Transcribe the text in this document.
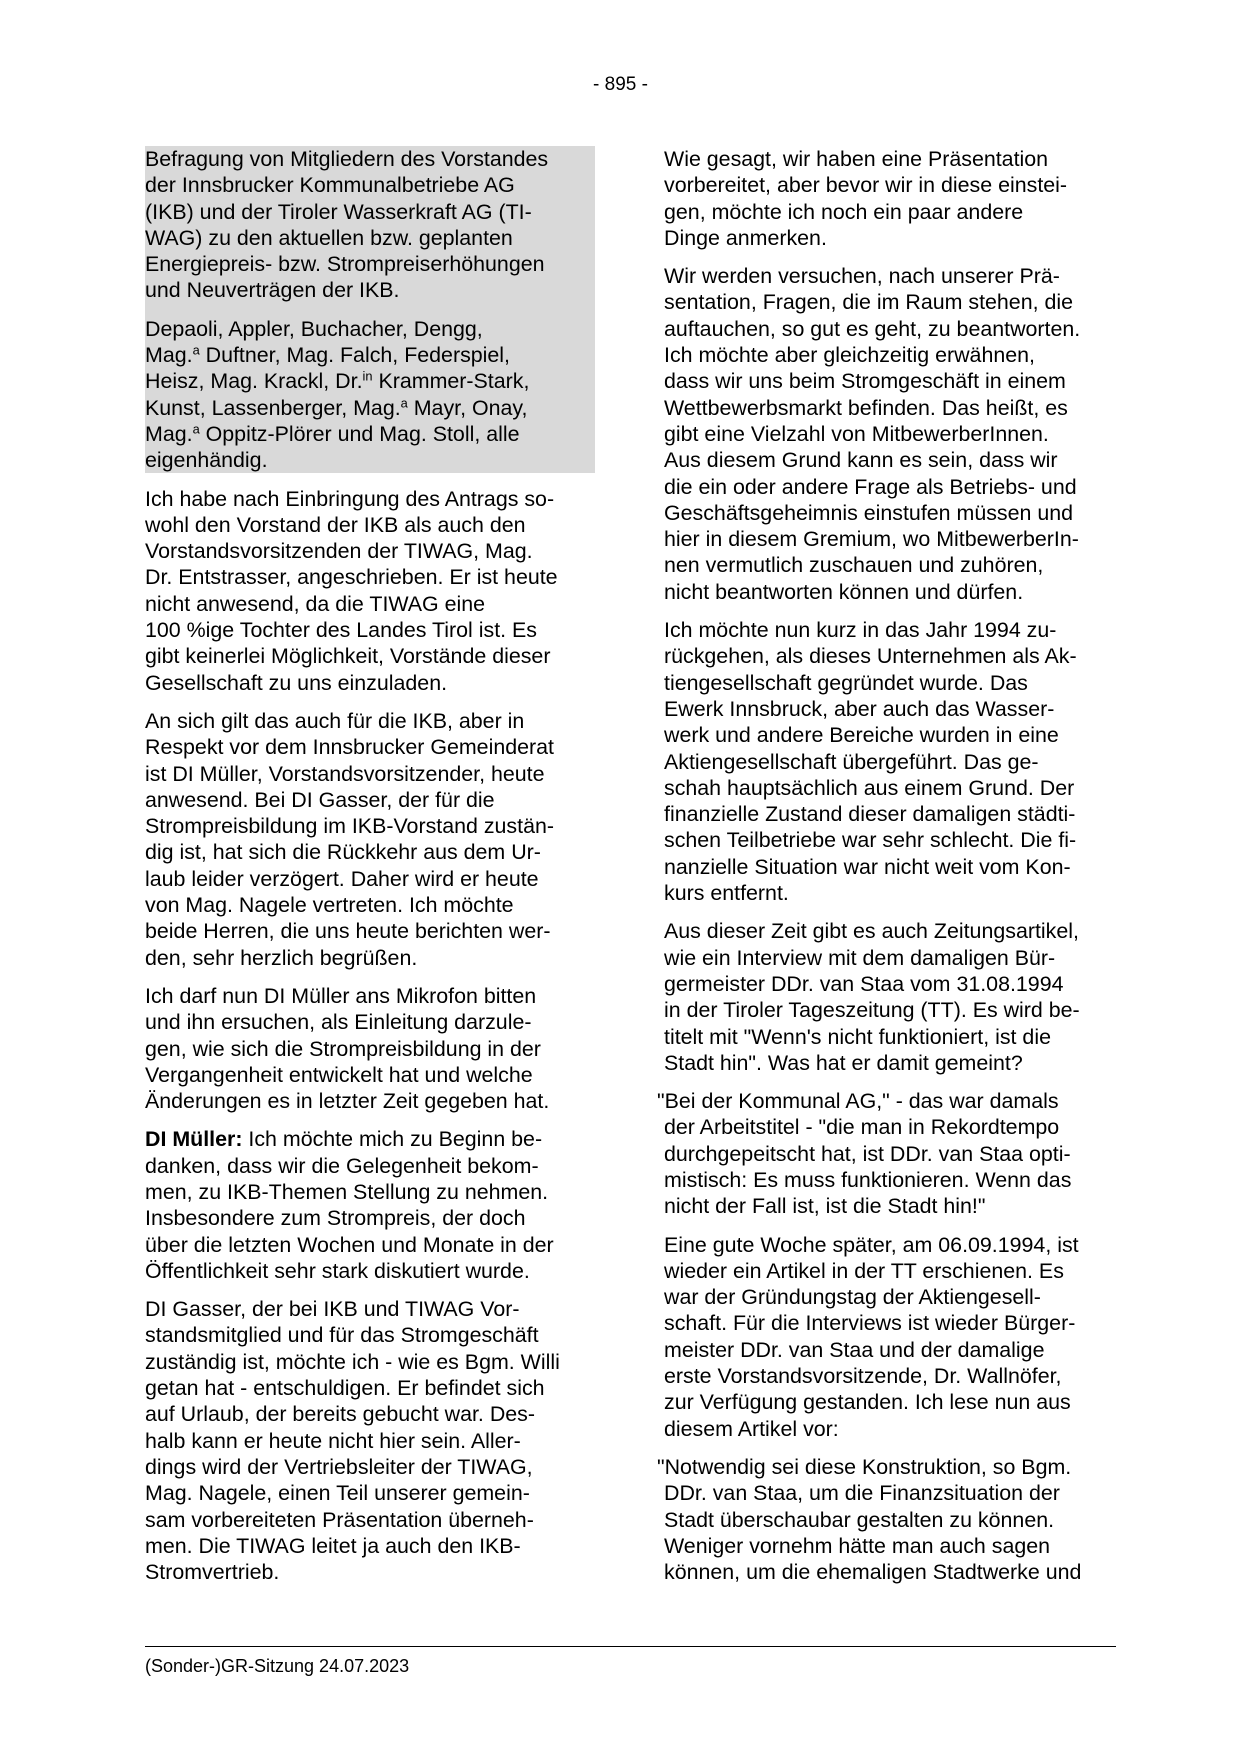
- 895 -

Befragung von Mitgliedern des Vorstandes
der Innsbrucker Kommunalbetriebe AG
(IKB) und der Tiroler Wasserkraft AG (TI-
WAG) zu den aktuellen bzw. geplanten
Energiepreis- bzw. Strompreiserhöhungen
und Neuverträgen der IKB.

Depaoli, Appler, Buchacher, Dengg,
Mag.$^a$ Duftner, Mag. Falch, Federspiel,
Heisz, Mag. Krackl, Dr.$^{in}$ Krammer-Stark,
Kunst, Lassenberger, Mag.$^a$ Mayr, Onay,
Mag.$^a$ Oppitz-Plörer und Mag. Stoll, alle
eigenhändig.

Ich habe nach Einbringung des Antrags so-
wohl den Vorstand der IKB als auch den
Vorstandsvorsitzenden der TIWAG, Mag.
Dr. Entstrasser, angeschrieben. Er ist heute
nicht anwesend, da die TIWAG eine
100 %ige Tochter des Landes Tirol ist. Es
gibt keinerlei Möglichkeit, Vorstände dieser
Gesellschaft zu uns einzuladen.

An sich gilt das auch für die IKB, aber in
Respekt vor dem Innsbrucker Gemeinderat
ist DI Müller, Vorstandsvorsitzender, heute
anwesend. Bei DI Gasser, der für die
Strompreisbildung im IKB-Vorstand zustän-
dig ist, hat sich die Rückkehr aus dem Ur-
laub leider verzögert. Daher wird er heute
von Mag. Nagele vertreten. Ich möchte
beide Herren, die uns heute berichten wer-
den, sehr herzlich begrüßen.

Ich darf nun DI Müller ans Mikrofon bitten
und ihn ersuchen, als Einleitung darzule-
gen, wie sich die Strompreisbildung in der
Vergangenheit entwickelt hat und welche
Änderungen es in letzter Zeit gegeben hat.

DI Müller: Ich möchte mich zu Beginn be-
danken, dass wir die Gelegenheit bekom-
men, zu IKB-Themen Stellung zu nehmen.
Insbesondere zum Strompreis, der doch
über die letzten Wochen und Monate in der
Öffentlichkeit sehr stark diskutiert wurde.

DI Gasser, der bei IKB und TIWAG Vor-
standsmitglied und für das Stromgeschäft
zuständig ist, möchte ich - wie es Bgm. Willi
getan hat - entschuldigen. Er befindet sich
auf Urlaub, der bereits gebucht war. Des-
halb kann er heute nicht hier sein. Aller-
dings wird der Vertriebsleiter der TIWAG,
Mag. Nagele, einen Teil unserer gemein-
sam vorbereiteten Präsentation überneh-
men. Die TIWAG leitet ja auch den IKB-
Stromvertrieb.

Wie gesagt, wir haben eine Präsentation
vorbereitet, aber bevor wir in diese einstei-
gen, möchte ich noch ein paar andere
Dinge anmerken.

Wir werden versuchen, nach unserer Prä-
sentation, Fragen, die im Raum stehen, die
auftauchen, so gut es geht, zu beantworten.
Ich möchte aber gleichzeitig erwähnen,
dass wir uns beim Stromgeschäft in einem
Wettbewerbsmarkt befinden. Das heißt, es
gibt eine Vielzahl von MitbewerberInnen.
Aus diesem Grund kann es sein, dass wir
die ein oder andere Frage als Betriebs- und
Geschäftsgeheimnis einstufen müssen und
hier in diesem Gremium, wo MitbewerberIn-
nen vermutlich zuschauen und zuhören,
nicht beantworten können und dürfen.

Ich möchte nun kurz in das Jahr 1994 zu-
rückgehen, als dieses Unternehmen als Ak-
tiengesellschaft gegründet wurde. Das
Ewerk Innsbruck, aber auch das Wasser-
werk und andere Bereiche wurden in eine
Aktiengesellschaft übergeführt. Das ge-
schah hauptsächlich aus einem Grund. Der
finanzielle Zustand dieser damaligen städti-
schen Teilbetriebe war sehr schlecht. Die fi-
nanzielle Situation war nicht weit vom Kon-
kurs entfernt.

Aus dieser Zeit gibt es auch Zeitungsartikel,
wie ein Interview mit dem damaligen Bür-
germeister DDr. van Staa vom 31.08.1994
in der Tiroler Tageszeitung (TT). Es wird be-
titelt mit "Wenn's nicht funktioniert, ist die
Stadt hin". Was hat er damit gemeint?

"Bei der Kommunal AG," - das war damals
der Arbeitstitel - "die man in Rekordtempo
durchgepeitscht hat, ist DDr. van Staa opti-
mistisch: Es muss funktionieren. Wenn das
nicht der Fall ist, ist die Stadt hin!"

Eine gute Woche später, am 06.09.1994, ist
wieder ein Artikel in der TT erschienen. Es
war der Gründungstag der Aktiengesell-
schaft. Für die Interviews ist wieder Bürger-
meister DDr. van Staa und der damalige
erste Vorstandsvorsitzende, Dr. Wallnöfer,
zur Verfügung gestanden. Ich lese nun aus
diesem Artikel vor:

"Notwendig sei diese Konstruktion, so Bgm.
DDr. van Staa, um die Finanzsituation der
Stadt überschaubar gestalten zu können.
Weniger vornehm hätte man auch sagen
können, um die ehemaligen Stadtwerke und

(Sonder-)GR-Sitzung 24.07.2023
